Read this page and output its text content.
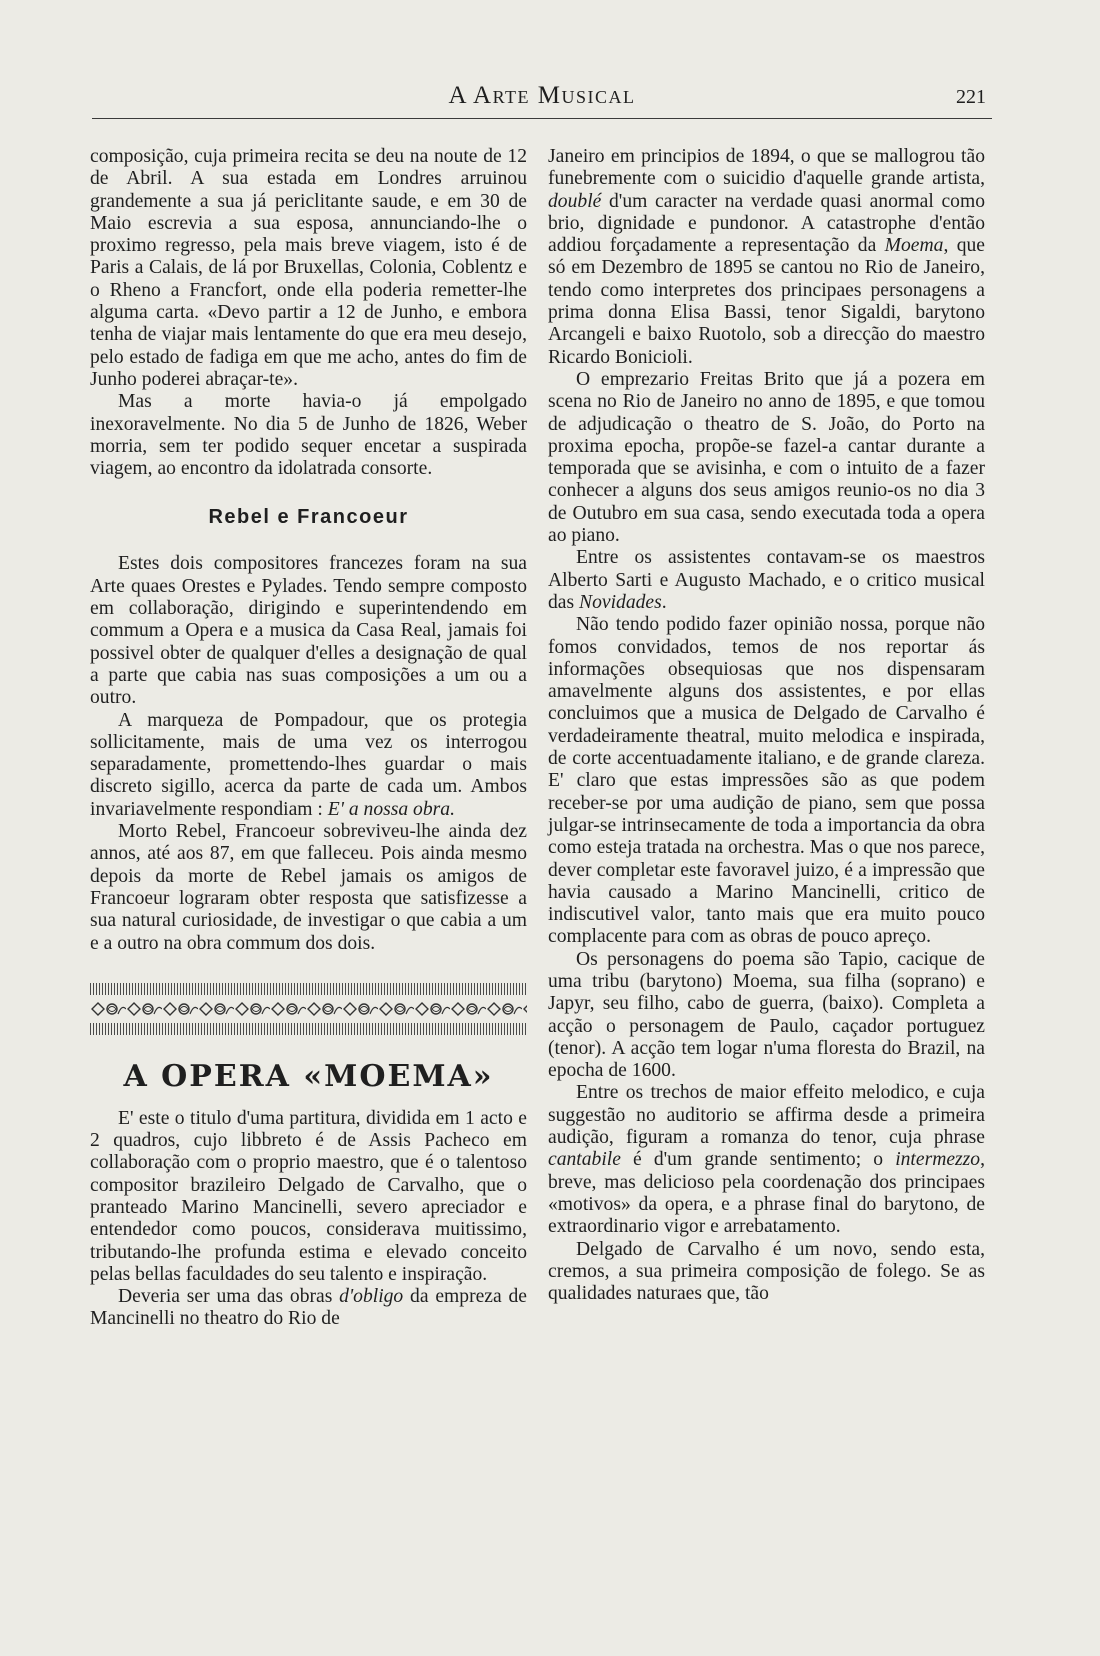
A Arte Musical	221

composição, cuja primeira recita se deu na noute de 12 de Abril. A sua estada em Londres arruinou grandemente a sua já periclitante saude, e em 30 de Maio escrevia a sua esposa, annunciando-lhe o proximo regresso, pela mais breve viagem, isto é de Paris a Calais, de lá por Bruxellas, Colonia, Coblentz e o Rheno a Francfort, onde ella poderia remetter-lhe alguma carta. «Devo partir a 12 de Junho, e embora tenha de viajar mais lentamente do que era meu desejo, pelo estado de fadiga em que me acho, antes do fim de Junho poderei abraçar-te».

Mas a morte havia-o já empolgado inexoravelmente. No dia 5 de Junho de 1826, Weber morria, sem ter podido sequer encetar a suspirada viagem, ao encontro da idolatrada consorte.

Rebel e Francoeur

Estes dois compositores francezes foram na sua Arte quaes Orestes e Pylades. Tendo sempre composto em collaboração, dirigindo e superintendendo em commum a Opera e a musica da Casa Real, jamais foi possivel obter de qualquer d'elles a designação de qual a parte que cabia nas suas composições a um ou a outro.

A marqueza de Pompadour, que os protegia sollicitamente, mais de uma vez os interrogou separadamente, promettendo-lhes guardar o mais discreto sigillo, acerca da parte de cada um. Ambos invariavelmente respondiam : E' a nossa obra.

Morto Rebel, Francoeur sobreviveu-lhe ainda dez annos, até aos 87, em que falleceu. Pois ainda mesmo depois da morte de Rebel jamais os amigos de Francoeur lograram obter resposta que satisfizesse a sua natural curiosidade, de investigar o que cabia a um e a outro na obra commum dos dois.

A OPERA «MOEMA»

E' este o titulo d'uma partitura, dividida em 1 acto e 2 quadros, cujo libbreto é de Assis Pacheco em collaboração com o proprio maestro, que é o talentoso compositor brazileiro Delgado de Carvalho, que o pranteado Marino Mancinelli, severo apreciador e entendedor como poucos, considerava muitissimo, tributando-lhe profunda estima e elevado conceito pelas bellas faculdades do seu talento e inspiração.

Deveria ser uma das obras d'obligo da empreza de Mancinelli no theatro do Rio de

Janeiro em principios de 1894, o que se mallogrou tão funebremente com o suicidio d'aquelle grande artista, doublé d'um caracter na verdade quasi anormal como brio, dignidade e pundonor. A catastrophe d'então addiou forçadamente a representação da Moema, que só em Dezembro de 1895 se cantou no Rio de Janeiro, tendo como interpretes dos principaes personagens a prima donna Elisa Bassi, tenor Sigaldi, barytono Arcangeli e baixo Ruotolo, sob a direcção do maestro Ricardo Bonicioli.

O emprezario Freitas Brito que já a pozera em scena no Rio de Janeiro no anno de 1895, e que tomou de adjudicação o theatro de S. João, do Porto na proxima epocha, propõe-se fazel-a cantar durante a temporada que se avisinha, e com o intuito de a fazer conhecer a alguns dos seus amigos reunio-os no dia 3 de Outubro em sua casa, sendo executada toda a opera ao piano.

Entre os assistentes contavam-se os maestros Alberto Sarti e Augusto Machado, e o critico musical das Novidades.

Não tendo podido fazer opinião nossa, porque não fomos convidados, temos de nos reportar ás informações obsequiosas que nos dispensaram amavelmente alguns dos assistentes, e por ellas concluimos que a musica de Delgado de Carvalho é verdadeiramente theatral, muito melodica e inspirada, de corte accentuadamente italiano, e de grande clareza. E' claro que estas impressões são as que podem receber-se por uma audição de piano, sem que possa julgar-se intrinsecamente de toda a importancia da obra como esteja tratada na orchestra. Mas o que nos parece, dever completar este favoravel juizo, é a impressão que havia causado a Marino Mancinelli, critico de indiscutivel valor, tanto mais que era muito pouco complacente para com as obras de pouco apreço.

Os personagens do poema são Tapio, cacique de uma tribu (barytono) Moema, sua filha (soprano) e Japyr, seu filho, cabo de guerra, (baixo). Completa a acção o personagem de Paulo, caçador portuguez (tenor). A acção tem logar n'uma floresta do Brazil, na epocha de 1600.

Entre os trechos de maior effeito melodico, e cuja suggestão no auditorio se affirma desde a primeira audição, figuram a romanza do tenor, cuja phrase cantabile é d'um grande sentimento; o intermezzo, breve, mas delicioso pela coordenação dos principaes «motivos» da opera, e a phrase final do barytono, de extraordinario vigor e arrebatamento.

Delgado de Carvalho é um novo, sendo esta, cremos, a sua primeira composição de folego. Se as qualidades naturaes que, tão
